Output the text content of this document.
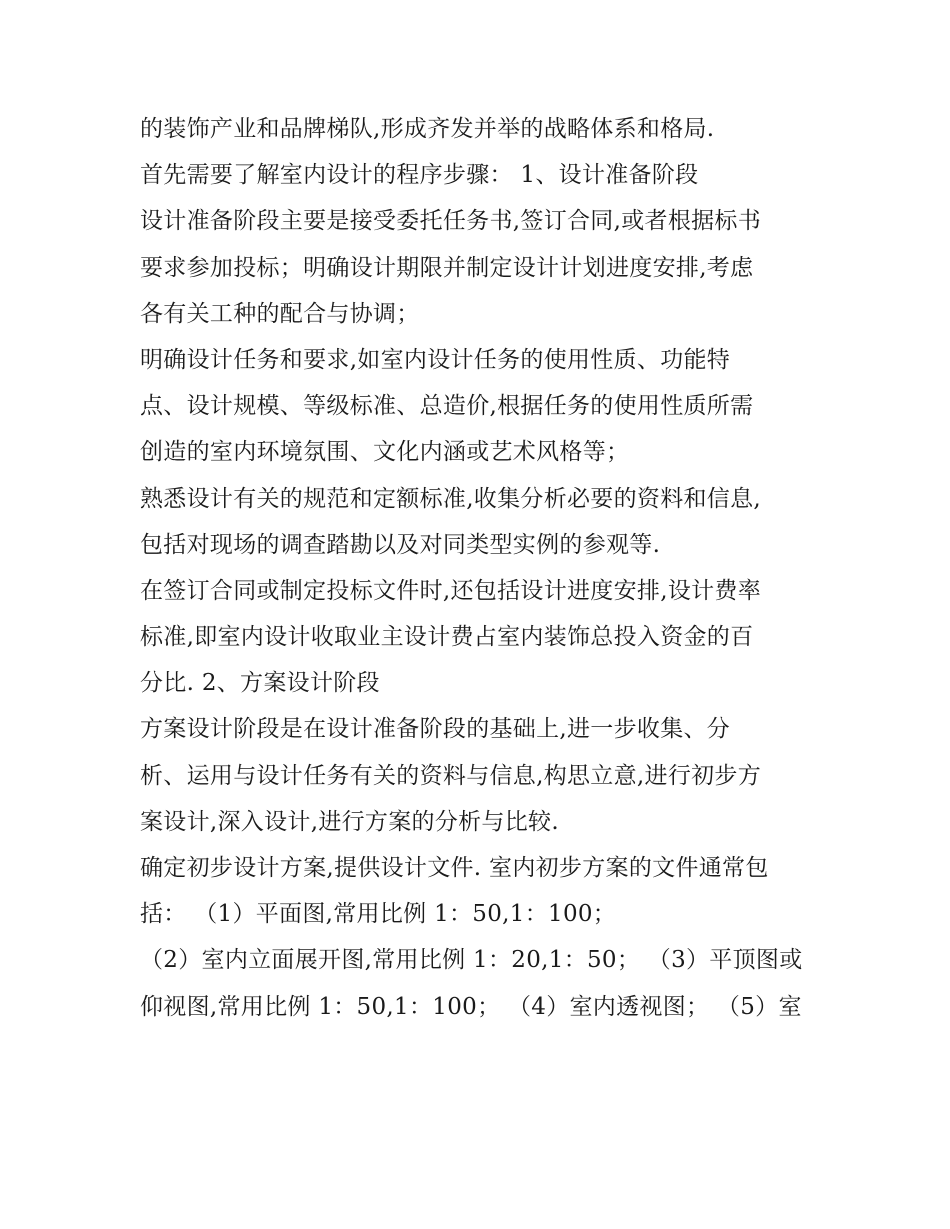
的装饰产业和品牌梯队,形成齐发并举的战略体系和格局.
首先需要了解室内设计的程序步骤： 1、设计准备阶段
设计准备阶段主要是接受委托任务书,签订合同,或者根据标书
要求参加投标；明确设计期限并制定设计计划进度安排,考虑
各有关工种的配合与协调；
明确设计任务和要求,如室内设计任务的使用性质、功能特
点、设计规模、等级标准、总造价,根据任务的使用性质所需
创造的室内环境氛围、文化内涵或艺术风格等；
熟悉设计有关的规范和定额标准,收集分析必要的资料和信息,
包括对现场的调查踏勘以及对同类型实例的参观等.
在签订合同或制定投标文件时,还包括设计进度安排,设计费率
标准,即室内设计收取业主设计费占室内装饰总投入资金的百
分比. 2、方案设计阶段
方案设计阶段是在设计准备阶段的基础上,进一步收集、分
析、运用与设计任务有关的资料与信息,构思立意,进行初步方
案设计,深入设计,进行方案的分析与比较.
确定初步设计方案,提供设计文件. 室内初步方案的文件通常包
括： （1）平面图,常用比例 1：50,1：100；
（2）室内立面展开图,常用比例 1：20,1：50； （3）平顶图或
仰视图,常用比例 1：50,1：100； （4）室内透视图； （5）室
